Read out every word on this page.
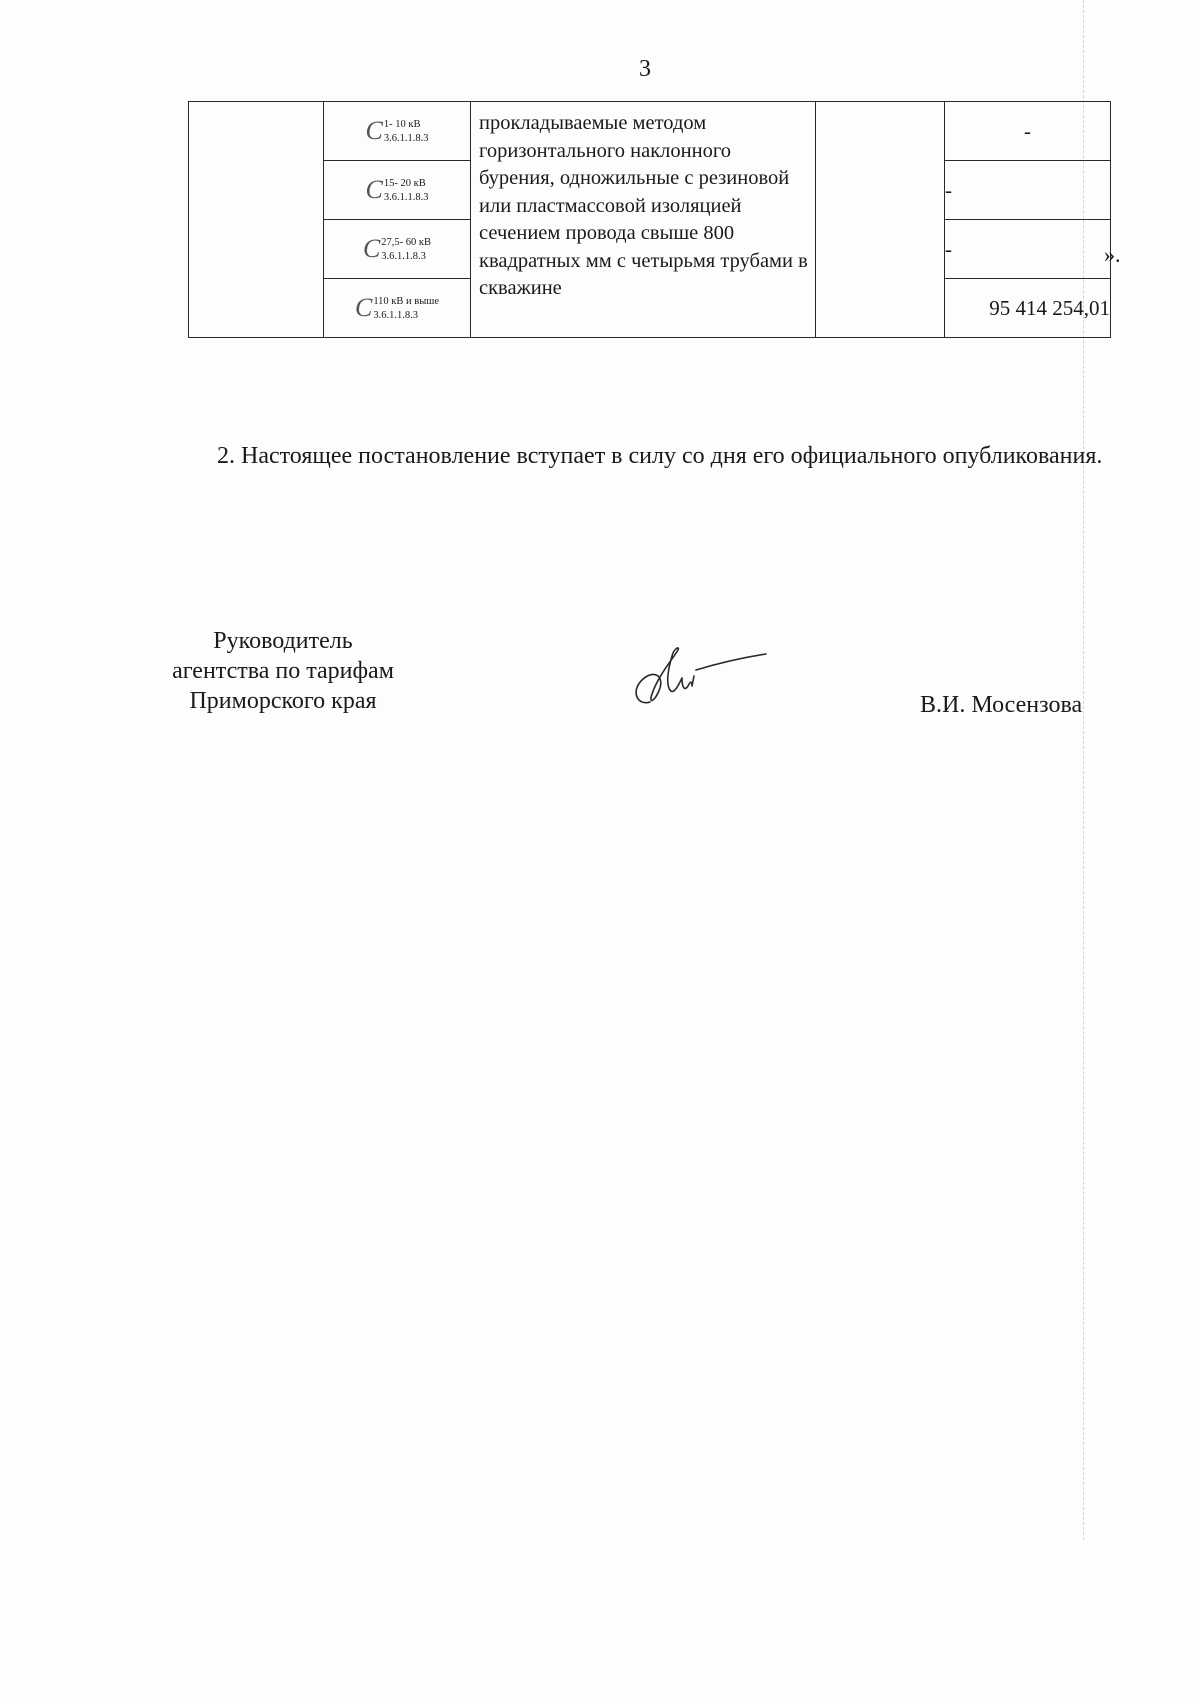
3

	C 1- 10 кВ
3.6.1.1.8.3	прокладываемые методом горизонтального наклонного бурения, одножильные с резиновой или пластмассовой изоляцией сечением провода свыше 800 квадратных мм с четырьмя трубами в скважине		-

	C 15- 20 кВ
3.6.1.1.8.3			-

	C 27,5- 60 кВ
3.6.1.1.8.3			-

	C 110 кВ и выше
3.6.1.1.8.3			95 414 254,01
».
2. Настоящее постановление вступает в силу со дня его официального опубликования.
Руководитель
агентства по тарифам
Приморского края	В.И. Мосензова
